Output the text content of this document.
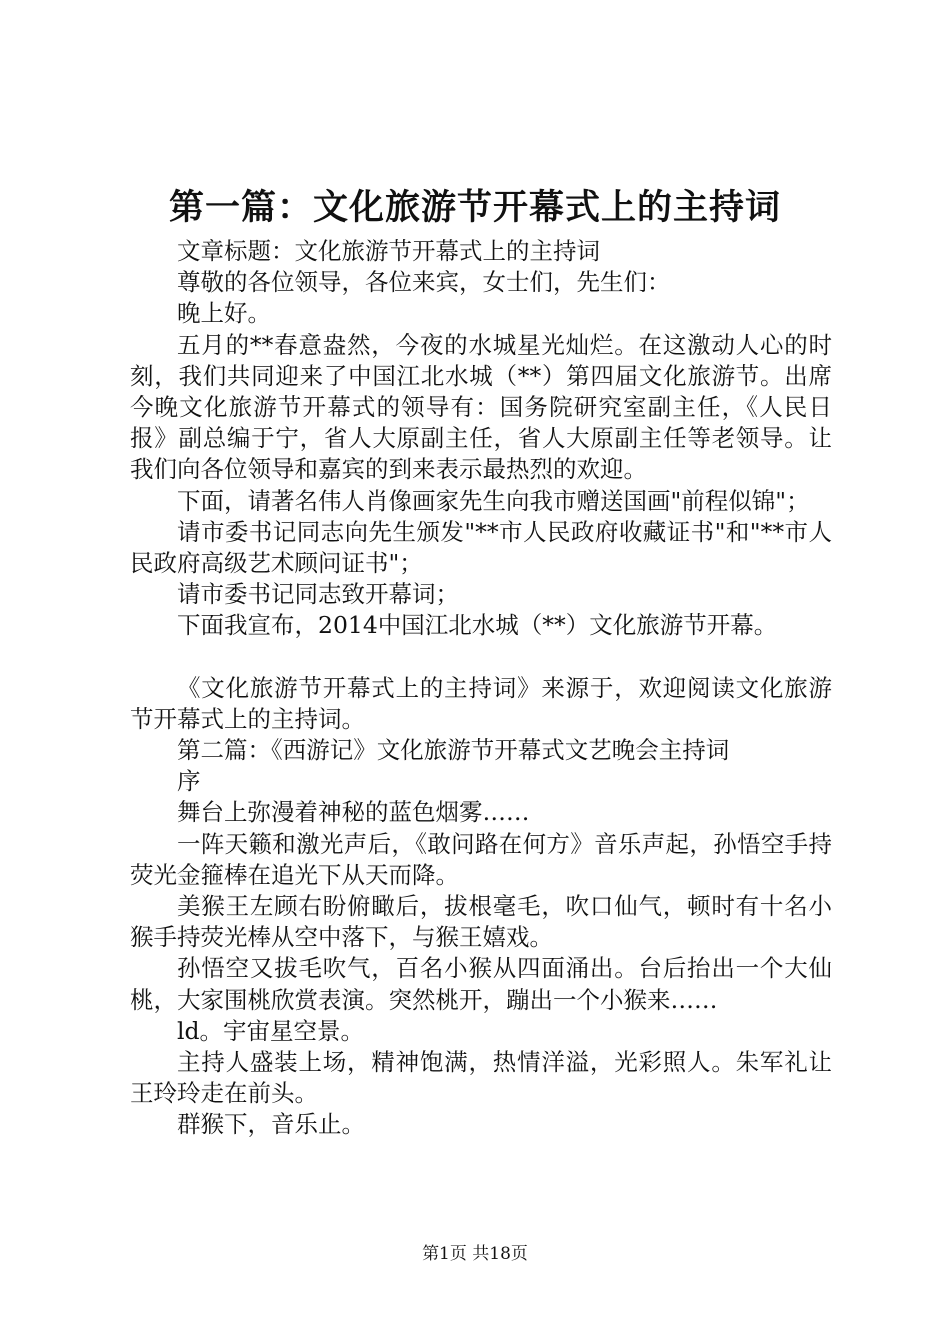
第一篇：文化旅游节开幕式上的主持词

文章标题：文化旅游节开幕式上的主持词

尊敬的各位领导，各位来宾，女士们，先生们：

晚上好。

五月的**春意盎然，今夜的水城星光灿烂。在这激动人心的时刻，我们共同迎来了中国江北水城（**）第四届文化旅游节。出席今晚文化旅游节开幕式的领导有：国务院研究室副主任，《人民日报》副总编于宁，省人大原副主任，省人大原副主任等老领导。让我们向各位领导和嘉宾的到来表示最热烈的欢迎。

下面，请著名伟人肖像画家先生向我市赠送国画"前程似锦"；

请市委书记同志向先生颁发"**市人民政府收藏证书"和"**市人民政府高级艺术顾问证书"；

请市委书记同志致开幕词；

下面我宣布，2014中国江北水城（**）文化旅游节开幕。

《文化旅游节开幕式上的主持词》来源于，欢迎阅读文化旅游节开幕式上的主持词。

第二篇：《西游记》文化旅游节开幕式文艺晚会主持词

序

舞台上弥漫着神秘的蓝色烟雾……

一阵天籁和激光声后，《敢问路在何方》音乐声起，孙悟空手持荧光金箍棒在追光下从天而降。

美猴王左顾右盼俯瞰后，拔根毫毛，吹口仙气，顿时有十名小猴手持荧光棒从空中落下，与猴王嬉戏。

孙悟空又拔毛吹气，百名小猴从四面涌出。台后抬出一个大仙桃，大家围桃欣赏表演。突然桃开，蹦出一个小猴来……

ld。宇宙星空景。

主持人盛装上场，精神饱满，热情洋溢，光彩照人。朱军礼让王玲玲走在前头。

群猴下，音乐止。

第1页 共18页
